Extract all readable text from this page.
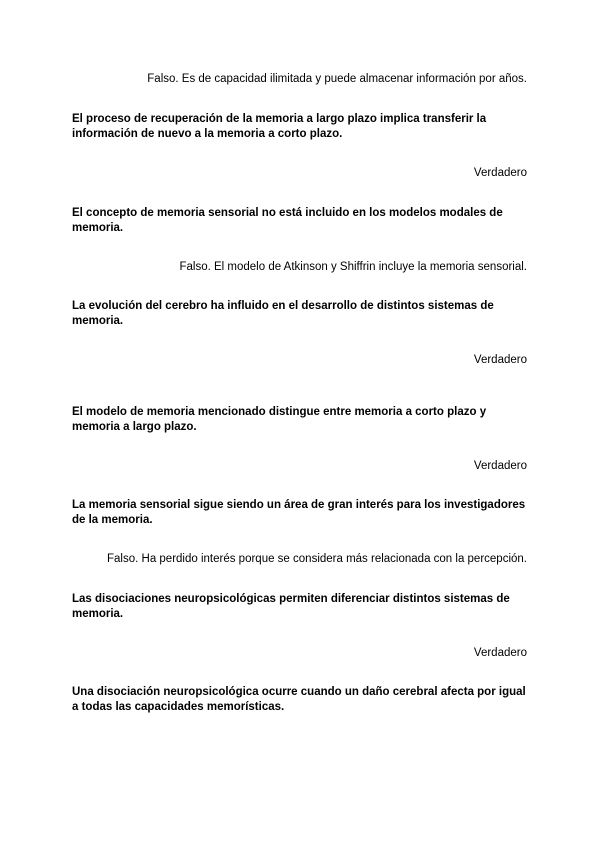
Falso. Es de capacidad ilimitada y puede almacenar información por años.
El proceso de recuperación de la memoria a largo plazo implica transferir la información de nuevo a la memoria a corto plazo.
Verdadero
El concepto de memoria sensorial no está incluido en los modelos modales de memoria.
Falso. El modelo de Atkinson y Shiffrin incluye la memoria sensorial.
La evolución del cerebro ha influido en el desarrollo de distintos sistemas de memoria.
Verdadero
El modelo de memoria mencionado distingue entre memoria a corto plazo y memoria a largo plazo.
Verdadero
La memoria sensorial sigue siendo un área de gran interés para los investigadores de la memoria.
Falso. Ha perdido interés porque se considera más relacionada con la percepción.
Las disociaciones neuropsicológicas permiten diferenciar distintos sistemas de memoria.
Verdadero
Una disociación neuropsicológica ocurre cuando un daño cerebral afecta por igual a todas las capacidades memorísticas.
